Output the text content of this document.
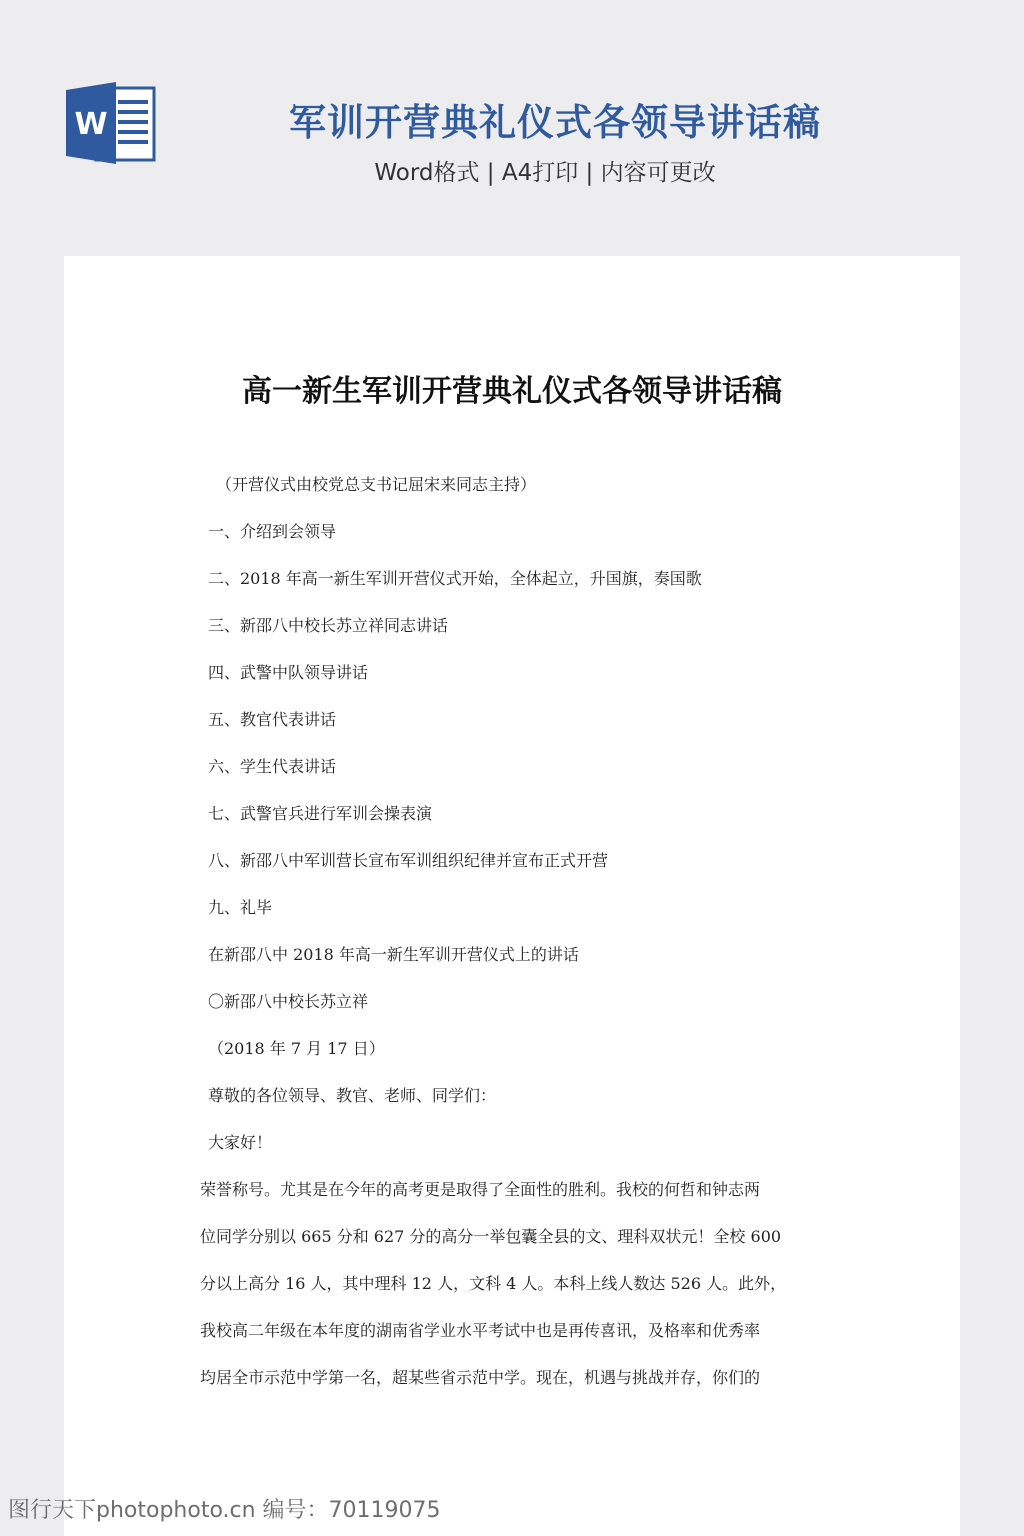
W	军训开营典礼仪式各领导讲话稿
Word格式 | A4打印 | 内容可更改
高一新生军训开营典礼仪式各领导讲话稿
（开营仪式由校党总支书记屈宋来同志主持）
一、介绍到会领导
二、2018 年高一新生军训开营仪式开始，全体起立，升国旗，奏国歌
三、新邵八中校长苏立祥同志讲话
四、武警中队领导讲话
五、教官代表讲话
六、学生代表讲话
七、武警官兵进行军训会操表演
八、新邵八中军训营长宣布军训组织纪律并宣布正式开营
九、礼毕
在新邵八中 2018 年高一新生军训开营仪式上的讲话
〇新邵八中校长苏立祥
（2018 年 7 月 17 日）
尊敬的各位领导、教官、老师、同学们：
大家好！
荣誉称号。尤其是在今年的高考更是取得了全面性的胜利。我校的何哲和钟志两
位同学分别以 665 分和 627 分的高分一举包囊全县的文、理科双状元！全校 600
分以上高分 16 人，其中理科 12 人，文科 4 人。本科上线人数达 526 人。此外，
我校高二年级在本年度的湖南省学业水平考试中也是再传喜讯，及格率和优秀率
均居全市示范中学第一名，超某些省示范中学。现在，机遇与挑战并存，你们的
图行天下photophoto.cn 编号：70119075
